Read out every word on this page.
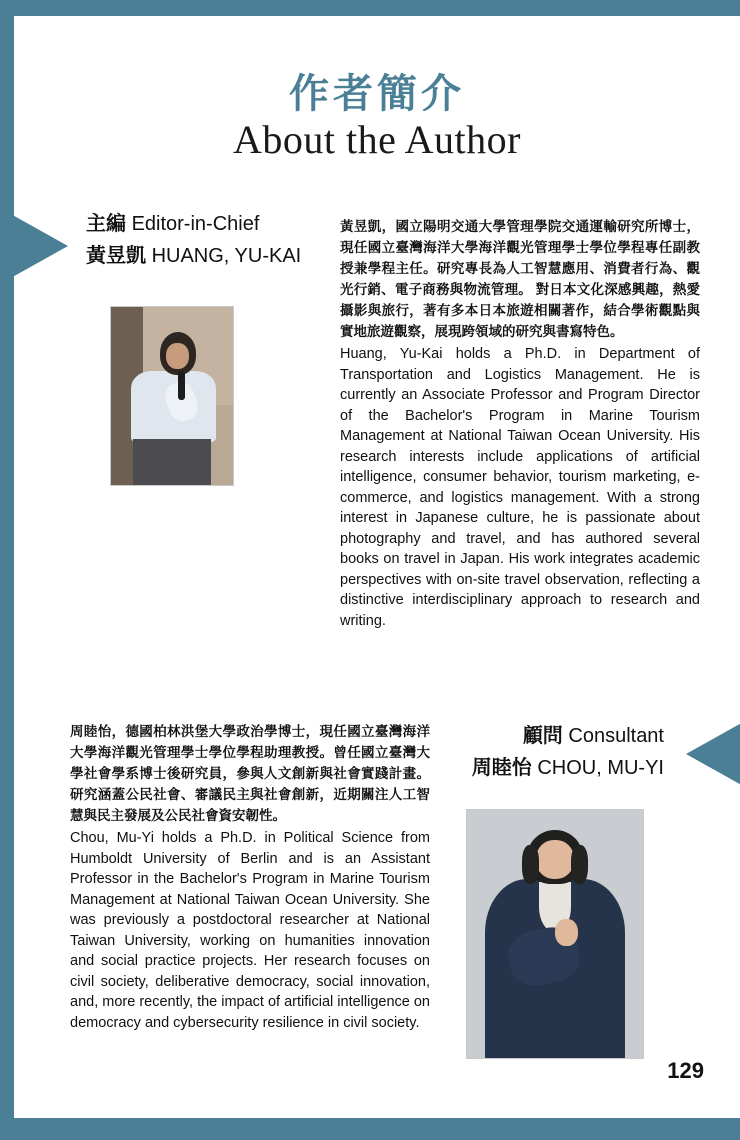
作者簡介
About the Author
主編 Editor-in-Chief
黃昱凱 HUANG, YU-KAI

黃昱凱，國立陽明交通大學管理學院交通運輸研究所博士，現任國立臺灣海洋大學海洋觀光管理學士學位學程專任副教授兼學程主任。研究專長為人工智慧應用、消費者行為、觀光行銷、電子商務與物流管理。 對日本文化深感興趣，熱愛攝影與旅行，著有多本日本旅遊相關著作，結合學術觀點與實地旅遊觀察，展現跨領域的研究與書寫特色。

Huang, Yu-Kai holds a Ph.D. in Department of Transportation and Logistics Management. He is currently an Associate Professor and Program Director of the Bachelor's Program in Marine Tourism Management at National Taiwan Ocean University. His research interests include applications of artificial intelligence, consumer behavior, tourism marketing, e-commerce, and logistics management. With a strong interest in Japanese culture, he is passionate about photography and travel, and has authored several books on travel in Japan. His work integrates academic perspectives with on-site travel observation, reflecting a distinctive interdisciplinary approach to research and writing.

顧問 Consultant
周睦怡 CHOU, MU-YI

周睦怡，德國柏林洪堡大學政治學博士，現任國立臺灣海洋大學海洋觀光管理學士學位學程助理教授。曾任國立臺灣大學社會學系博士後研究員，參與人文創新與社會實踐計畫。研究涵蓋公民社會、審議民主與社會創新，近期關注人工智慧與民主發展及公民社會資安韌性。

Chou, Mu-Yi holds a Ph.D. in Political Science from Humboldt University of Berlin and is an Assistant Professor in the Bachelor's Program in Marine Tourism Management at National Taiwan Ocean University. She was previously a postdoctoral researcher at National Taiwan University, working on humanities innovation and social practice projects. Her research focuses on civil society, deliberative democracy, social innovation, and, more recently, the impact of artificial intelligence on democracy and cybersecurity resilience in civil society.

129
